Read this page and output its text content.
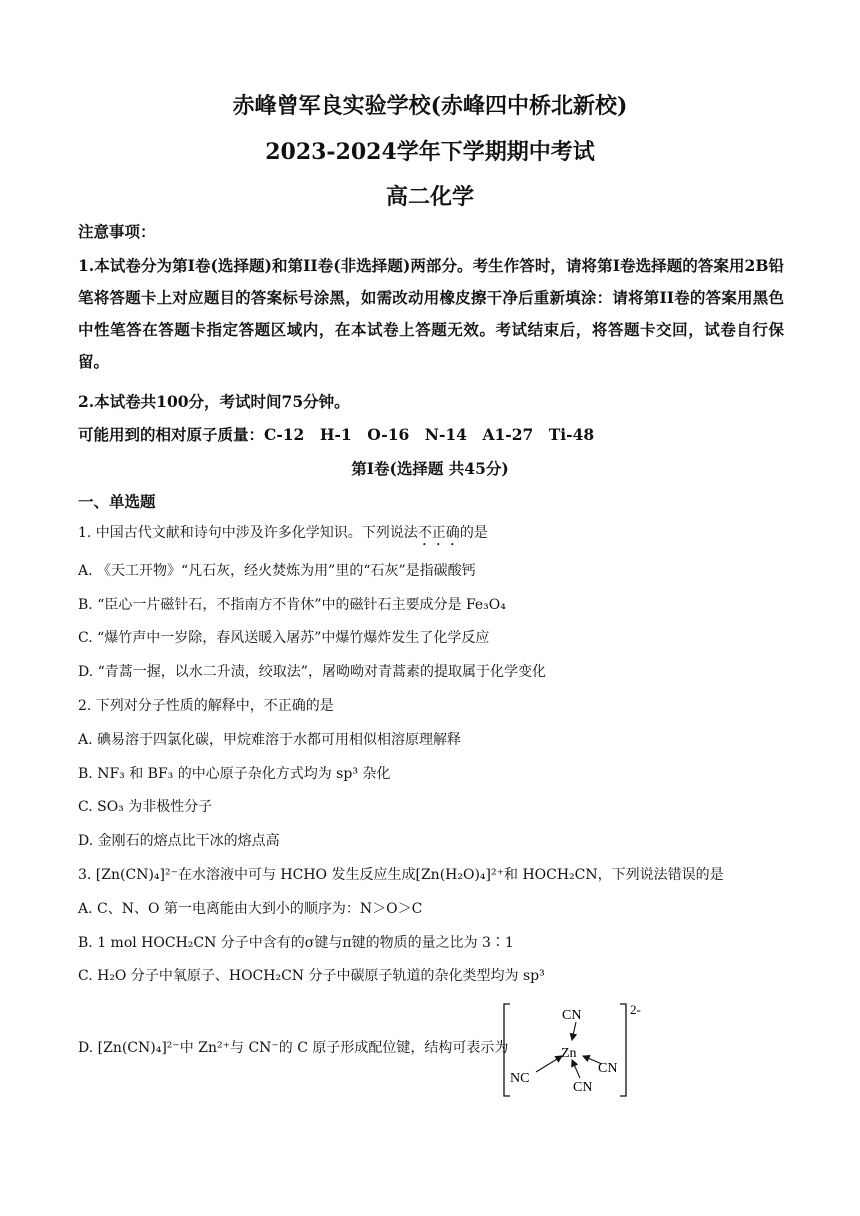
赤峰曾军良实验学校(赤峰四中桥北新校)
2023-2024学年下学期期中考试
高二化学
注意事项：
1.本试卷分为第I卷(选择题)和第II卷(非选择题)两部分。考生作答时，请将第I卷选择题的答案用2B铅笔将答题卡上对应题目的答案标号涂黑，如需改动用橡皮擦干净后重新填涂：请将第II卷的答案用黑色中性笔答在答题卡指定答题区域内，在本试卷上答题无效。考试结束后，将答题卡交回，试卷自行保留。
2.本试卷共100分，考试时间75分钟。
可能用到的相对原子质量：C-12　H-1　O-16　N-14　A1-27　Ti-48
第I卷(选择题 共45分)
一、单选题
1. 中国古代文献和诗句中涉及许多化学知识。下列说法不正确的是
A. 《天工开物》“凡石灰，经火焚炼为用”里的“石灰”是指碳酸钙
B. “臣心一片磁针石，不指南方不肯休”中的磁针石主要成分是 Fe₃O₄
C. “爆竹声中一岁除，春风送暖入屠苏”中爆竹爆炸发生了化学反应
D. “青蒿一握，以水二升渍，绞取法”，屠呦呦对青蒿素的提取属于化学变化
2. 下列对分子性质的解释中，不正确的是
A. 碘易溶于四氯化碳，甲烷难溶于水都可用相似相溶原理解释
B. NF₃ 和 BF₃ 的中心原子杂化方式均为 sp³ 杂化
C. SO₃ 为非极性分子
D. 金刚石的熔点比干冰的熔点高
3. [Zn(CN)₄]²⁻在水溶液中可与 HCHO 发生反应生成[Zn(H₂O)₄]²⁺和 HOCH₂CN，下列说法错误的是
A. C、N、O 第一电离能由大到小的顺序为：N＞O＞C
B. 1 mol HOCH₂CN 分子中含有的σ键与π键的物质的量之比为 3∶1
C. H₂O 分子中氧原子、HOCH₂CN 分子中碳原子轨道的杂化类型均为 sp³
D. [Zn(CN)₄]²⁻中 Zn²⁺与 CN⁻的 C 原子形成配位键，结构可表示为
CN
Zn
CN
CN
NC
2-
